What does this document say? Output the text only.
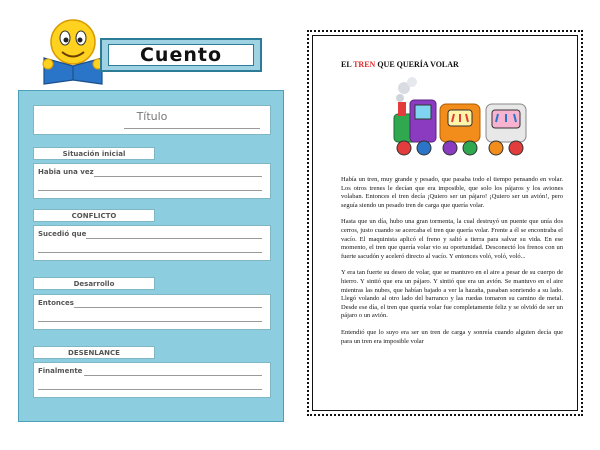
Cuento
Título
Situación inicial
Habia una vez
CONFLICTO
Sucedió que
Desarrollo
Entonces
DESENLANCE
Finalmente
EL TREN QUE QUERÍA VOLAR

Había un tren, muy grande y pesado, que pasaba todo el tiempo pensando en volar. Los otros trenes le decían que era imposible, que solo los pájaros y los aviones volaban. Entonces el tren decía ¡Quiero ser un pájaro! ¡Quiero ser un avión!, pero seguía siendo un pesado tren de carga que quería volar.

Hasta que un día, hubo una gran tormenta, la cual destruyó un puente que unía dos cerros, justo cuando se acercaba el tren que quería volar. Frente a él se encontraba el vacío. El maquinista aplicó el freno y saltó a tierra para salvar su vida. En ese momento, el tren que quería volar vio su oportunidad. Desconectó los frenos con un fuerte sacudón y aceleró directo al vacío. Y entonces voló, voló, voló...

Y era tan fuerte su deseo de volar, que se mantuvo en el aire a pesar de su cuerpo de hierro. Y sintió que era un pájaro. Y sintió que era un avión. Se mantuvo en el aire mientras las nubes, que habían bajado a ver la hazaña, pasaban sonriendo a su lado. Llegó volando al otro lado del barranco y las ruedas tomaron su camino de metal. Desde ese día, el tren que quería volar fue completamente feliz y se olvidó de ser un pájaro o un avión.

Entendió que lo suyo era ser un tren de carga y sonreía cuando alguien decía que para un tren era imposible volar
